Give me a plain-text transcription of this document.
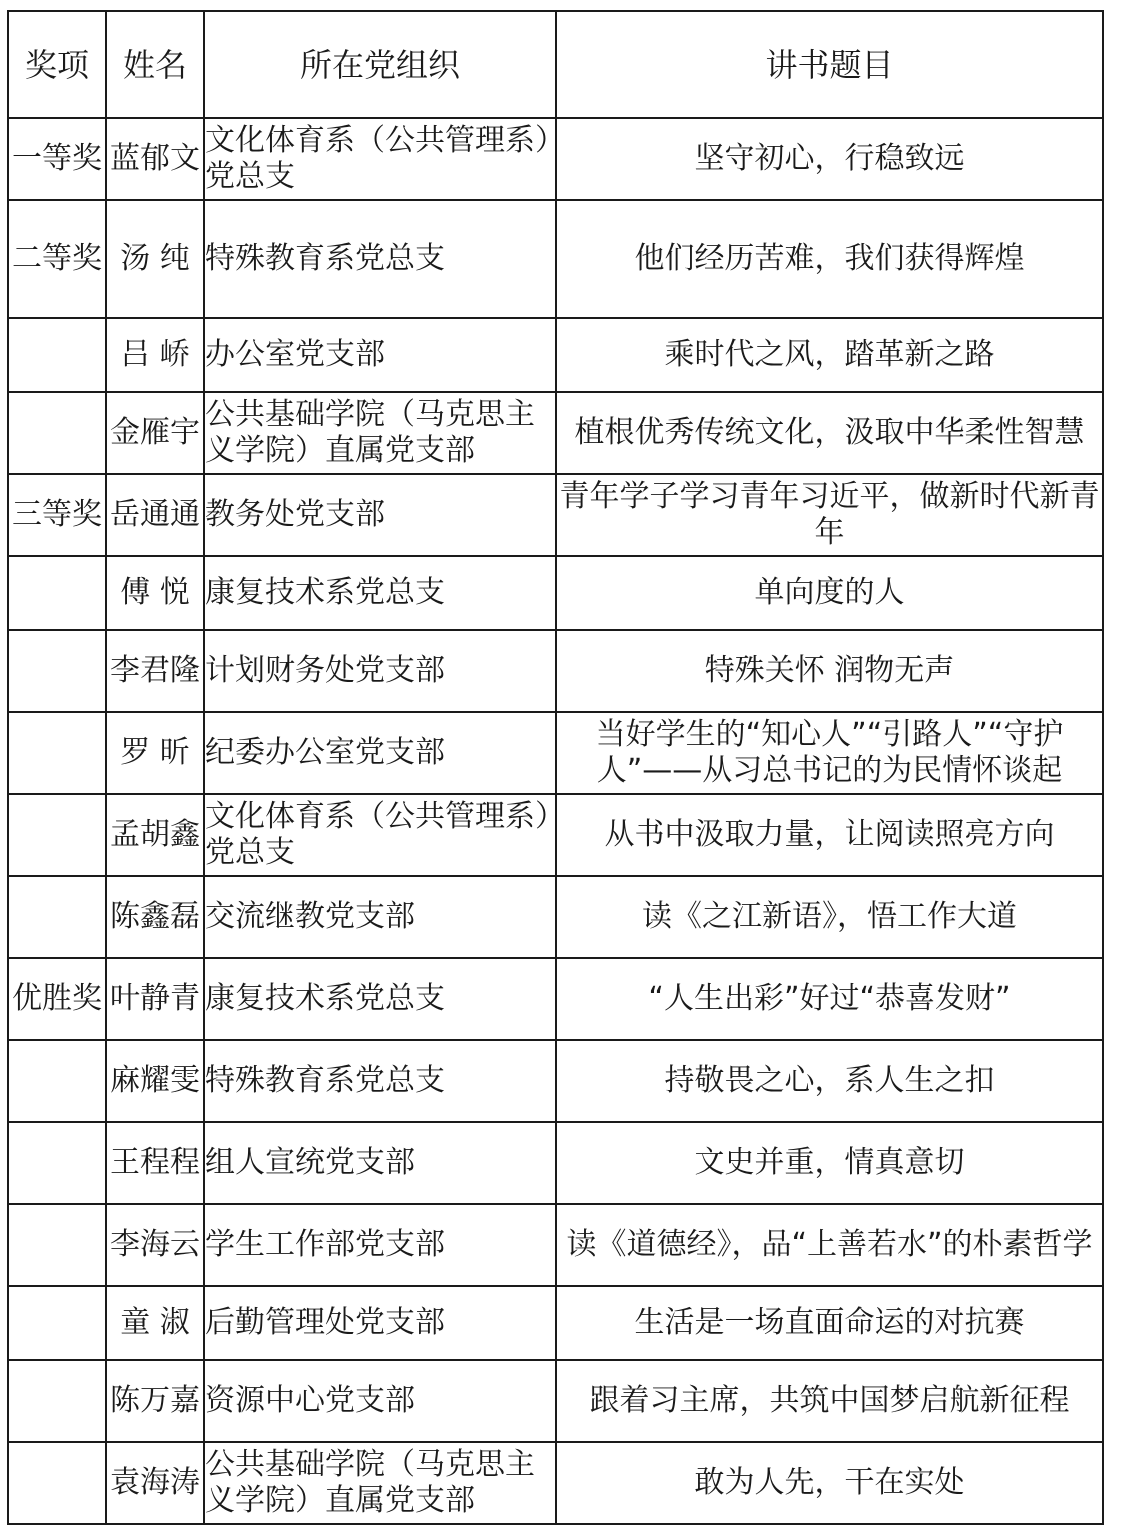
奖项	姓名	所在党组织	讲书题目
一等奖	蓝郁文	文化体育系（公共管理系）党总支	坚守初心，行稳致远
二等奖	汤 纯	特殊教育系党总支	他们经历苦难，我们获得辉煌
	吕 峤	办公室党支部	乘时代之风，踏革新之路
	金雁宇	公共基础学院（马克思主义学院）直属党支部	植根优秀传统文化，汲取中华柔性智慧
三等奖	岳通通	教务处党支部	青年学子学习青年习近平，做新时代新青年
	傅 悦	康复技术系党总支	单向度的人
	李君隆	计划财务处党支部	特殊关怀 润物无声
	罗 昕	纪委办公室党支部	当好学生的“知心人”“引路人”“守护人”——从习总书记的为民情怀谈起
	孟胡鑫	文化体育系（公共管理系）党总支	从书中汲取力量，让阅读照亮方向
	陈鑫磊	交流继教党支部	读《之江新语》，悟工作大道
优胜奖	叶静青	康复技术系党总支	“人生出彩”好过“恭喜发财”
	麻耀雯	特殊教育系党总支	持敬畏之心，系人生之扣
	王程程	组人宣统党支部	文史并重，情真意切
	李海云	学生工作部党支部	读《道德经》，品“上善若水”的朴素哲学
	童 淑	后勤管理处党支部	生活是一场直面命运的对抗赛
	陈万嘉	资源中心党支部	跟着习主席，共筑中国梦启航新征程
	袁海涛	公共基础学院（马克思主义学院）直属党支部	敢为人先，干在实处
